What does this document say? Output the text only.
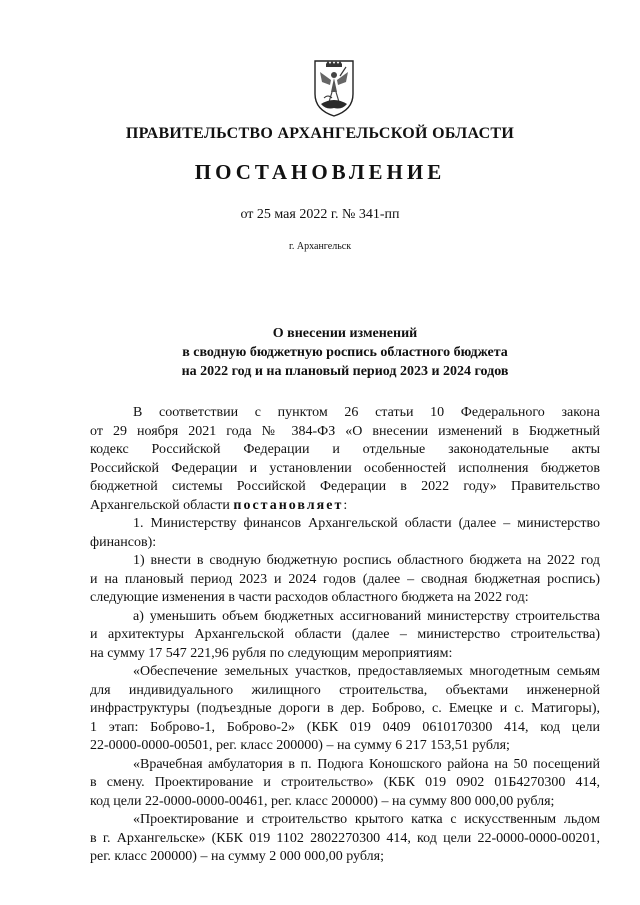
ПРАВИТЕЛЬСТВО АРХАНГЕЛЬСКОЙ ОБЛАСТИ
ПОСТАНОВЛЕНИЕ
от 25 мая 2022 г. № 341-пп
г. Архангельск
О внесении изменений
в сводную бюджетную роспись областного бюджета
на 2022 год и на плановый период 2023 и 2024 годов

В соответствии с пунктом 26 статьи 10 Федерального закона
от 29 ноября 2021 года № 384-ФЗ «О внесении изменений в Бюджетный
кодекс Российской Федерации и отдельные законодательные акты
Российской Федерации и установлении особенностей исполнения бюджетов
бюджетной системы Российской Федерации в 2022 году» Правительство
Архангельской области постановляет:

1. Министерству финансов Архангельской области (далее – министерство
финансов):

1) внести в сводную бюджетную роспись областного бюджета на 2022 год
и на плановый период 2023 и 2024 годов (далее – сводная бюджетная роспись)
следующие изменения в части расходов областного бюджета на 2022 год:

а) уменьшить объем бюджетных ассигнований министерству строительства
и архитектуры Архангельской области (далее – министерство строительства)
на сумму 17 547 221,96 рубля по следующим мероприятиям:

«Обеспечение земельных участков, предоставляемых многодетным семьям
для индивидуального жилищного строительства, объектами инженерной
инфраструктуры (подъездные дороги в дер. Боброво, с. Емецке и с. Матигоры),
1 этап: Боброво-1, Боброво-2» (КБК 019 0409 0610170300 414, код цели
22-0000-0000-00501, рег. класс 200000) – на сумму 6 217 153,51 рубля;

«Врачебная амбулатория в п. Подюга Коношского района на 50 посещений
в смену. Проектирование и строительство» (КБК 019 0902 01Б4270300 414,
код цели 22-0000-0000-00461, рег. класс 200000) – на сумму 800 000,00 рубля;

«Проектирование и строительство крытого катка с искусственным льдом
в г. Архангельске» (КБК 019 1102 2802270300 414, код цели 22-0000-0000-00201,
рег. класс 200000) – на сумму 2 000 000,00 рубля;
